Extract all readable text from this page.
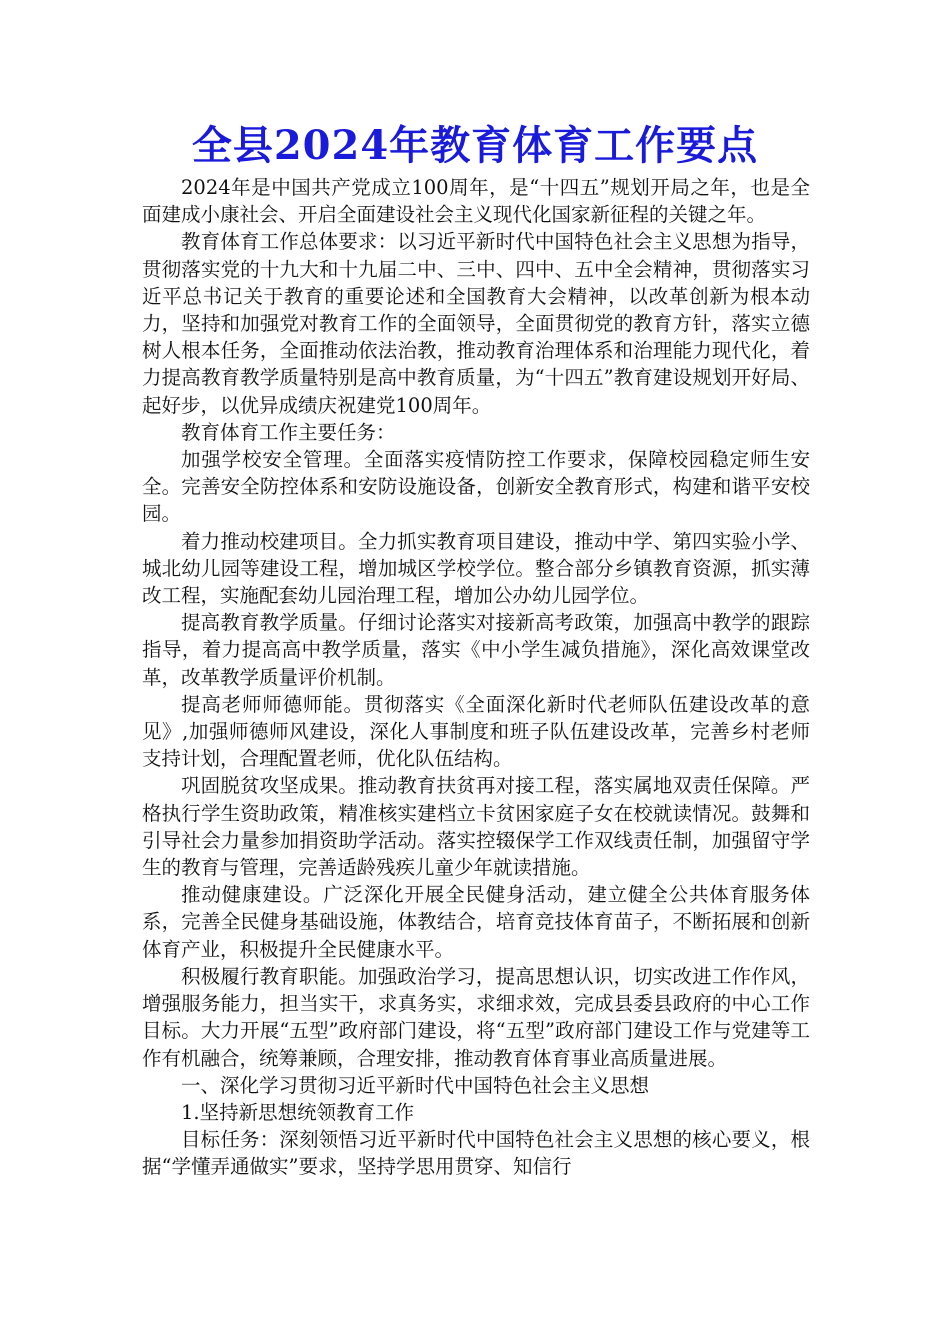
全县2024年教育体育工作要点

2024年是中国共产党成立100周年，是“十四五”规划开局之年，也是全面建成小康社会、开启全面建设社会主义现代化国家新征程的关键之年。

教育体育工作总体要求：以习近平新时代中国特色社会主义思想为指导，贯彻落实党的十九大和十九届二中、三中、四中、五中全会精神，贯彻落实习近平总书记关于教育的重要论述和全国教育大会精神，以改革创新为根本动力，坚持和加强党对教育工作的全面领导，全面贯彻党的教育方针，落实立德树人根本任务，全面推动依法治教，推动教育治理体系和治理能力现代化，着力提高教育教学质量特别是高中教育质量，为“十四五”教育建设规划开好局、起好步，以优异成绩庆祝建党100周年。

教育体育工作主要任务：

加强学校安全管理。全面落实疫情防控工作要求，保障校园稳定师生安全。完善安全防控体系和安防设施设备，创新安全教育形式，构建和谐平安校园。

着力推动校建项目。全力抓实教育项目建设，推动中学、第四实验小学、城北幼儿园等建设工程，增加城区学校学位。整合部分乡镇教育资源，抓实薄改工程，实施配套幼儿园治理工程，增加公办幼儿园学位。

提高教育教学质量。仔细讨论落实对接新高考政策，加强高中教学的跟踪指导，着力提高高中教学质量，落实《中小学生减负措施》，深化高效课堂改革，改革教学质量评价机制。

提高老师师德师能。贯彻落实《全面深化新时代老师队伍建设改革的意见》,加强师德师风建设，深化人事制度和班子队伍建设改革，完善乡村老师支持计划，合理配置老师，优化队伍结构。

巩固脱贫攻坚成果。推动教育扶贫再对接工程，落实属地双责任保障。严格执行学生资助政策，精准核实建档立卡贫困家庭子女在校就读情况。鼓舞和引导社会力量参加捐资助学活动。落实控辍保学工作双线责任制，加强留守学生的教育与管理，完善适龄残疾儿童少年就读措施。

推动健康建设。广泛深化开展全民健身活动，建立健全公共体育服务体系，完善全民健身基础设施，体教结合，培育竞技体育苗子，不断拓展和创新体育产业，积极提升全民健康水平。

积极履行教育职能。加强政治学习，提高思想认识，切实改进工作作风，增强服务能力，担当实干，求真务实，求细求效，完成县委县政府的中心工作目标。大力开展“五型”政府部门建设，将“五型”政府部门建设工作与党建等工作有机融合，统筹兼顾，合理安排，推动教育体育事业高质量进展。

一、深化学习贯彻习近平新时代中国特色社会主义思想

1.坚持新思想统领教育工作

目标任务：深刻领悟习近平新时代中国特色社会主义思想的核心要义，根据“学懂弄通做实”要求，坚持学思用贯穿、知信行
